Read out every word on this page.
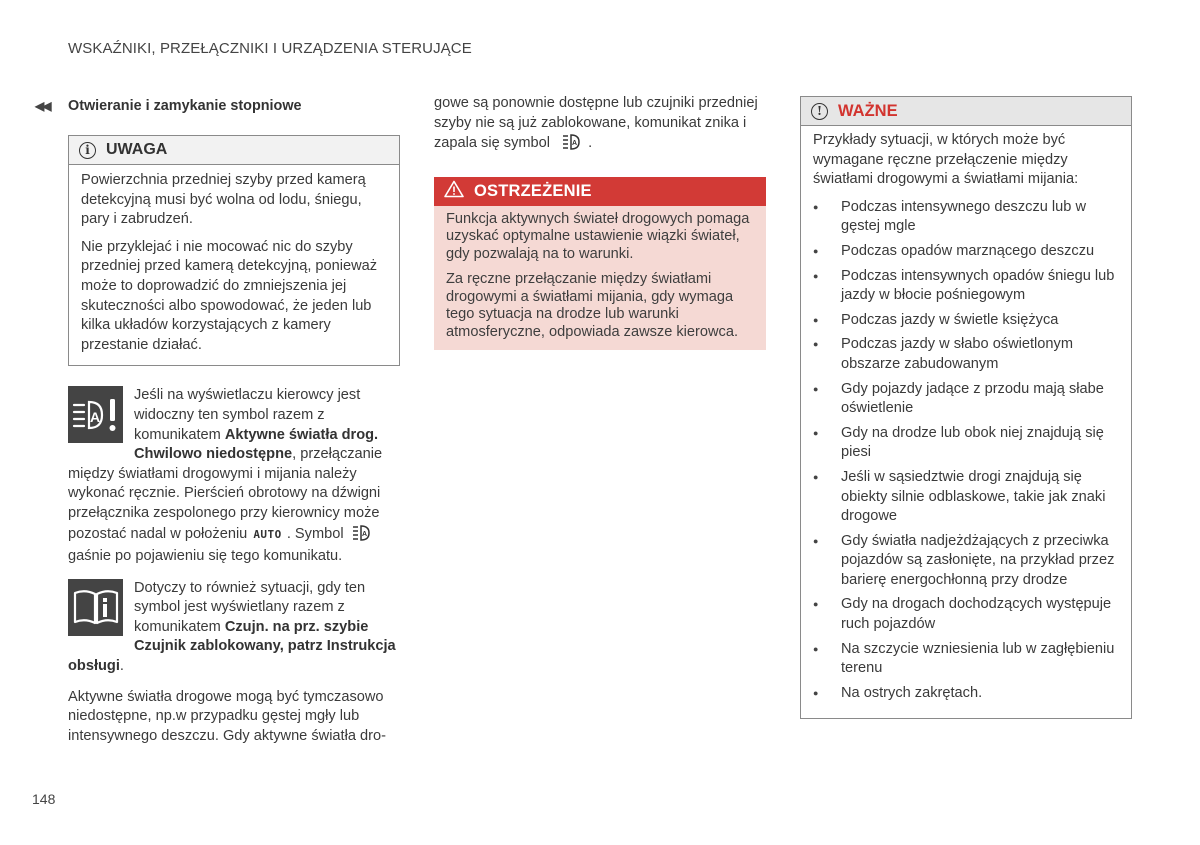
WSKAŹNIKI, PRZEŁĄCZNIKI I URZĄDZENIA STERUJĄCE
◀◀ Otwieranie i zamykanie stopniowe
i	UWAGA

Powierzchnia przedniej szyby przed kamerą detekcyjną musi być wolna od lodu, śniegu, pary i zabrudzeń.

Nie przyklejać i nie mocować nic do szyby przedniej przed kamerą detekcyjną, ponieważ może to doprowadzić do zmniejszenia jej skuteczności albo spowodować, że jeden lub kilka układów korzystających z kamery przestanie działać.

A

Jeśli na wyświetlaczu kierowcy jest widoczny ten symbol razem z komunikatem Aktywne światła drog. Chwilowo niedostępne, przełączanie między światłami drogowymi i mijania należy wykonać ręcznie. Pierścień obrotowy na dźwigni przełącznika zespolonego przy kierownicy może pozostać nadal w położeniu AUTO . Symbol	A

gaśnie po pojawieniu się tego komunikatu.

Dotyczy to również sytuacji, gdy ten symbol jest wyświetlany razem z komunikatem Czujn. na prz. szybie Czujnik zablokowany, patrz Instrukcja obsługi.

Aktywne światła drogowe mogą być tymczasowo niedostępne, np.w przypadku gęstej mgły lub intensywnego deszczu. Gdy aktywne światła dro-

gowe są ponownie dostępne lub czujniki przedniej szyby nie są już zablokowane, komunikat znika i zapala się symbol	A .

OSTRZEŻENIE

Funkcja aktywnych świateł drogowych pomaga uzyskać optymalne ustawienie wiązki świateł, gdy pozwalają na to warunki.

Za ręczne przełączanie między światłami drogowymi a światłami mijania, gdy wymaga tego sytuacja na drodze lub warunki atmosferyczne, odpowiada zawsze kierowca.

! WAŻNE

Przykłady sytuacji, w których może być wymagane ręczne przełączenie między światłami drogowymi a światłami mijania:

● Podczas intensywnego deszczu lub w gęstej mgle
● Podczas opadów marznącego deszczu
● Podczas intensywnych opadów śniegu lub jazdy w błocie pośniegowym
● Podczas jazdy w świetle księżyca
● Podczas jazdy w słabo oświetlonym obszarze zabudowanym
● Gdy pojazdy jadące z przodu mają słabe oświetlenie
● Gdy na drodze lub obok niej znajdują się piesi
● Jeśli w sąsiedztwie drogi znajdują się obiekty silnie odblaskowe, takie jak znaki drogowe
● Gdy światła nadjeżdżających z przeciwka pojazdów są zasłonięte, na przykład przez barierę energochłonną przy drodze
● Gdy na drogach dochodzących występuje ruch pojazdów
● Na szczycie wzniesienia lub w zagłębieniu terenu
● Na ostrych zakrętach.
148
